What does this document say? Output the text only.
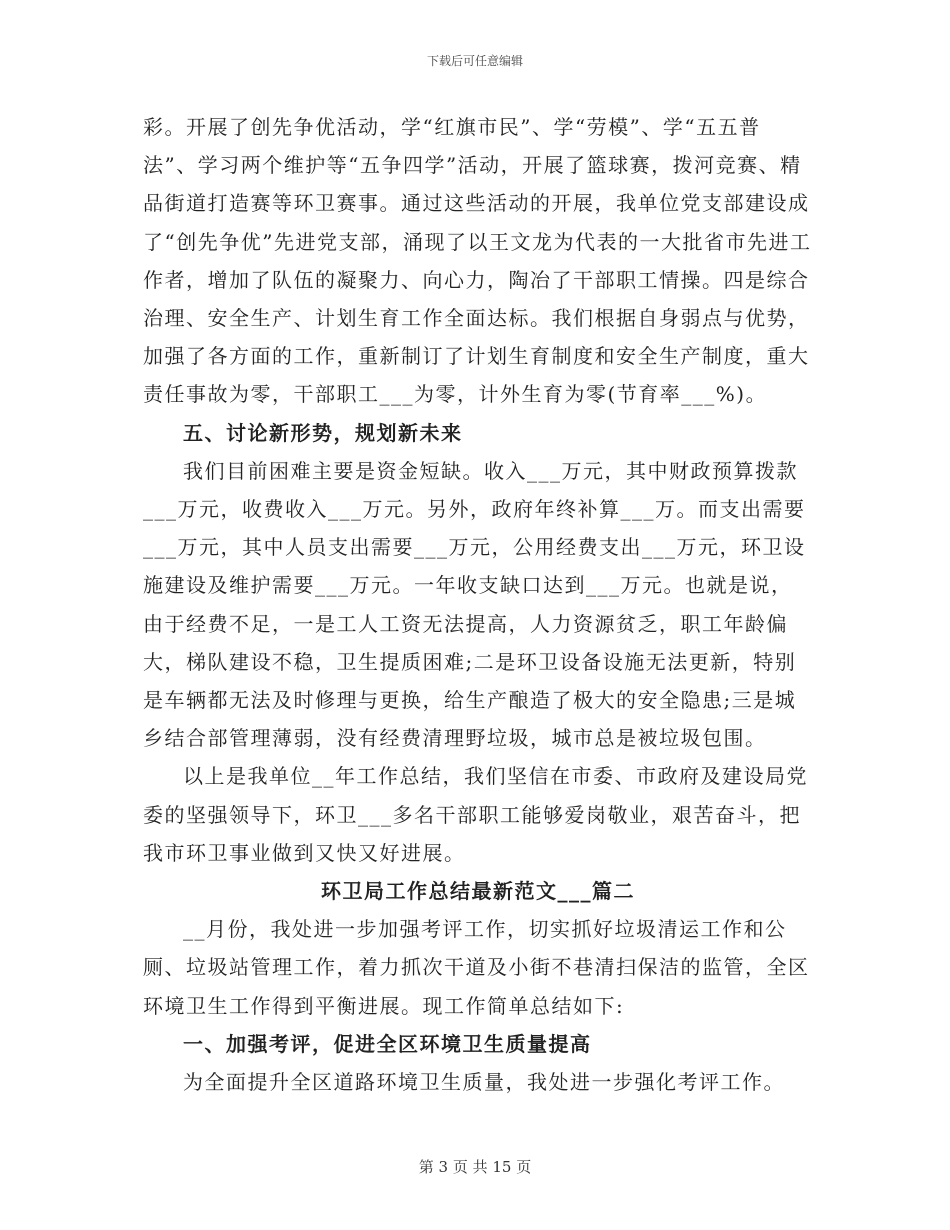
下载后可任意编辑

彩。开展了创先争优活动，学“红旗市民”、学“劳模”、学“五五普法”、学习两个维护等“五争四学”活动，开展了篮球赛，拨河竞赛、精品街道打造赛等环卫赛事。通过这些活动的开展，我单位党支部建设成了“创先争优”先进党支部，涌现了以王文龙为代表的一大批省市先进工作者，增加了队伍的凝聚力、向心力，陶冶了干部职工情操。四是综合治理、安全生产、计划生育工作全面达标。我们根据自身弱点与优势，加强了各方面的工作，重新制订了计划生育制度和安全生产制度，重大责任事故为零，干部职工___为零，计外生育为零(节育率___%)。

五、讨论新形势，规划新未来

我们目前困难主要是资金短缺。收入___万元，其中财政预算拨款___万元，收费收入___万元。另外，政府年终补算___万。而支出需要___万元，其中人员支出需要___万元，公用经费支出___万元，环卫设施建设及维护需要___万元。一年收支缺口达到___万元。也就是说，由于经费不足，一是工人工资无法提高，人力资源贫乏，职工年龄偏大，梯队建设不稳，卫生提质困难;二是环卫设备设施无法更新，特别是车辆都无法及时修理与更换，给生产酿造了极大的安全隐患;三是城乡结合部管理薄弱，没有经费清理野垃圾，城市总是被垃圾包围。

以上是我单位__年工作总结，我们坚信在市委、市政府及建设局党委的坚强领导下，环卫___多名干部职工能够爱岗敬业，艰苦奋斗，把我市环卫事业做到又快又好进展。

环卫局工作总结最新范文___篇二

__月份，我处进一步加强考评工作，切实抓好垃圾清运工作和公厕、垃圾站管理工作，着力抓次干道及小街不巷清扫保洁的监管，全区环境卫生工作得到平衡进展。现工作简单总结如下:

一、加强考评，促进全区环境卫生质量提高

为全面提升全区道路环境卫生质量，我处进一步强化考评工作。

第 3 页 共 15 页
